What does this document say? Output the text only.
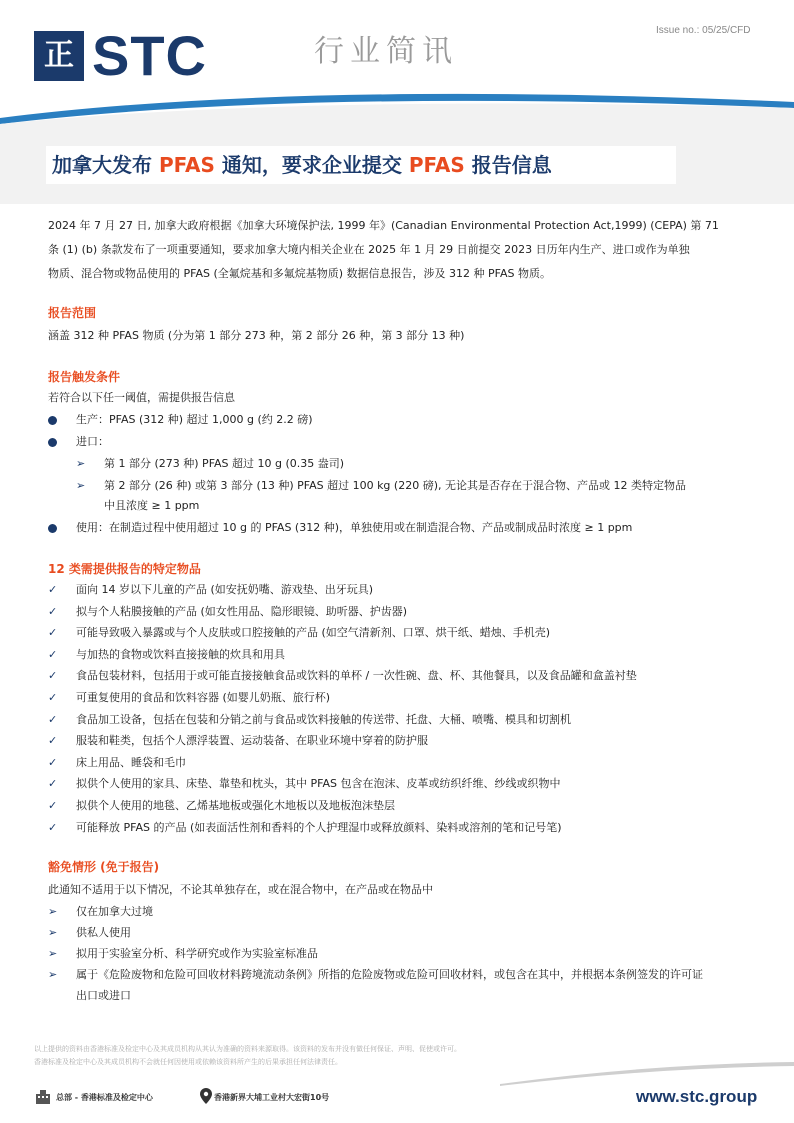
正 STC	行业简讯
Issue no.: 05/25/CFD
加拿大发布 PFAS 通知，要求企业提交 PFAS 报告信息
2024 年 7 月 27 日, 加拿大政府根据《加拿大环境保护法, 1999 年》(Canadian Environmental Protection Act,1999) (CEPA) 第 71
条 (1) (b) 条款发布了一项重要通知，要求加拿大境内相关企业在 2025 年 1 月 29 日前提交 2023 日历年内生产、进口或作为单独
物质、混合物或物品使用的 PFAS (全氟烷基和多氟烷基物质) 数据信息报告，涉及 312 种 PFAS 物质。
报告范围
涵盖 312 种 PFAS 物质 (分为第 1 部分 273 种，第 2 部分 26 种，第 3 部分 13 种)
报告触发条件
若符合以下任一阈值，需提供报告信息
生产：PFAS (312 种) 超过 1,000 g (约 2.2 磅)
进口：
➢ 第 1 部分 (273 种) PFAS 超过 10 g (0.35 盎司)
➢ 第 2 部分 (26 种) 或第 3 部分 (13 种) PFAS 超过 100 kg (220 磅), 无论其是否存在于混合物、产品或 12 类特定物品
中且浓度 ≥ 1 ppm
使用：在制造过程中使用超过 10 g 的 PFAS (312 种)，单独使用或在制造混合物、产品或制成品时浓度 ≥ 1 ppm
12 类需提供报告的特定物品
✓ 面向 14 岁以下儿童的产品 (如安抚奶嘴、游戏垫、出牙玩具)
✓ 拟与个人粘膜接触的产品 (如女性用品、隐形眼镜、助听器、护齿器)
✓ 可能导致吸入暴露或与个人皮肤或口腔接触的产品 (如空气清新剂、口罩、烘干纸、蜡烛、手机壳)
✓ 与加热的食物或饮料直接接触的炊具和用具
✓ 食品包装材料，包括用于或可能直接接触食品或饮料的单杯 / 一次性碗、盘、杯、其他餐具，以及食品罐和盒盖衬垫
✓ 可重复使用的食品和饮料容器 (如婴儿奶瓶、旅行杯)
✓ 食品加工设备，包括在包装和分销之前与食品或饮料接触的传送带、托盘、大桶、喷嘴、模具和切割机
✓ 服装和鞋类，包括个人漂浮装置、运动装备、在职业环境中穿着的防护服
✓ 床上用品、睡袋和毛巾
✓ 拟供个人使用的家具、床垫、靠垫和枕头，其中 PFAS 包含在泡沫、皮革或纺织纤维、纱线或织物中
✓ 拟供个人使用的地毯、乙烯基地板或强化木地板以及地板泡沫垫层
✓ 可能释放 PFAS 的产品 (如表面活性剂和香料的个人护理湿巾或释放颜料、染料或溶剂的笔和记号笔)
豁免情形 (免于报告)
此通知不适用于以下情况，不论其单独存在，或在混合物中，在产品或在物品中
➢ 仅在加拿大过境
➢ 供私人使用
➢ 拟用于实验室分析、科学研究或作为实验室标准品
➢ 属于《危险废物和危险可回收材料跨境流动条例》所指的危险废物或危险可回收材料，或包含在其中，并根据本条例签发的许可证
出口或进口
以上提供的资料由香港标准及检定中心及其成员机构从其认为准确的资料来源取得。该资料的发布并没有做任何保证、声明、促使或许可。
香港标准及检定中心及其成员机构不会就任何因使用或依赖该资料所产生的后果承担任何法律责任。
总部 - 香港标准及检定中心	香港新界大埔工业村大宏街10号	www.stc.group
